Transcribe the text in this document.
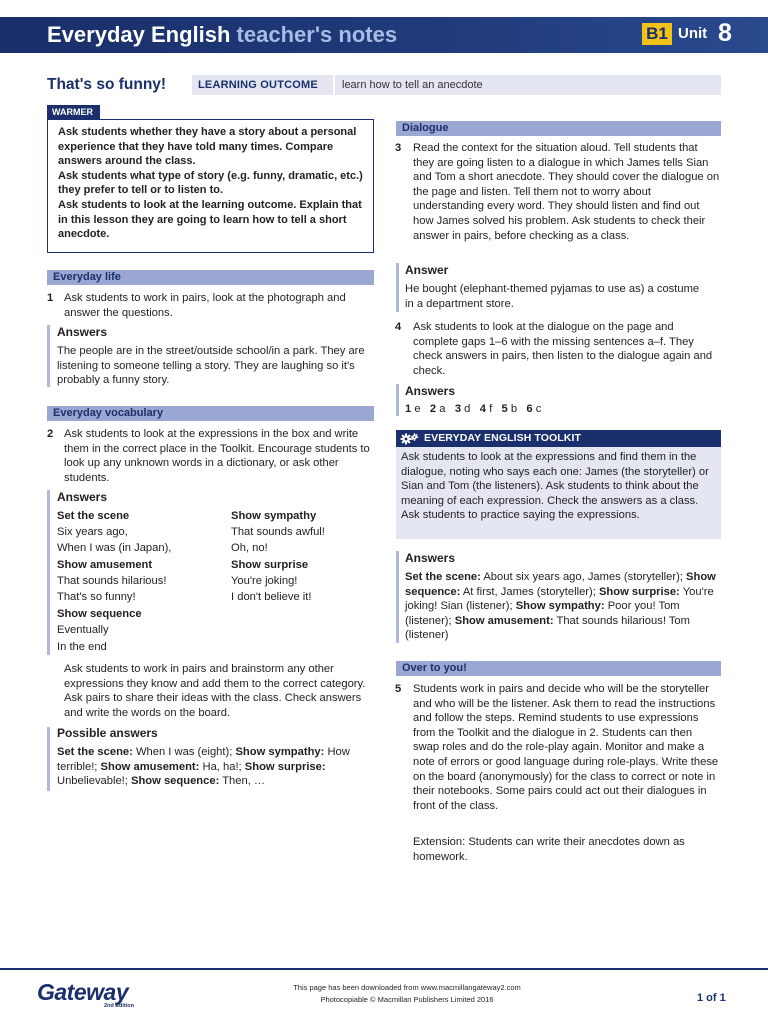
Everyday English teacher's notes	B1 Unit 8
That's so funny!	LEARNING OUTCOME learn how to tell an anecdote
WARMER

Ask students whether they have a story about a personal experience that they have told many times. Compare answers around the class.

Ask students what type of story (e.g. funny, dramatic, etc.) they prefer to tell or to listen to.

Ask students to look at the learning outcome. Explain that in this lesson they are going to learn how to tell a short anecdote.

Everyday life
1 Ask students to work in pairs, look at the photograph and answer the questions.
Answers
The people are in the street/outside school/in a park. They are listening to someone telling a story. They are laughing so it's probably a funny story.
Everyday vocabulary
2 Ask students to look at the expressions in the box and write them in the correct place in the Toolkit. Encourage students to look up any unknown words in a dictionary, or ask other students.
Answers
Set the scene
Six years ago,
When I was (in Japan),
Show amusement
That sounds hilarious!
That's so funny!
Show sequence
Eventually
In the end
Show sympathy
That sounds awful!
Oh, no!
Show surprise
You're joking!
I don't believe it!
Ask students to work in pairs and brainstorm any other expressions they know and add them to the correct category. Ask pairs to share their ideas with the class. Check answers and write the words on the board.
Possible answers
Set the scene: When I was (eight); Show sympathy: How terrible!; Show amusement: Ha, ha!; Show surprise: Unbelievable!; Show sequence: Then, …
Dialogue
3 Read the context for the situation aloud. Tell students that they are going listen to a dialogue in which James tells Sian and Tom a short anecdote. They should cover the dialogue on the page and listen. Tell them not to worry about understanding every word. They should listen and find out how James solved his problem. Ask students to check their answer in pairs, before checking as a class.
Answer
He bought (elephant-themed pyjamas to use as) a costume in a department store.
4 Ask students to look at the dialogue on the page and complete gaps 1–6 with the missing sentences a–f. They check answers in pairs, then listen to the dialogue again and check.
Answers
1 e 2 a 3 d 4 f 5 b 6 c
EVERYDAY ENGLISH TOOLKIT
Ask students to look at the expressions and find them in the dialogue, noting who says each one: James (the storyteller) or Sian and Tom (the listeners). Ask students to think about the meaning of each expression. Check the answers as a class. Ask students to practice saying the expressions.
Answers
Set the scene: About six years ago, James (storyteller); Show sequence: At first, James (storyteller); Show surprise: You're joking! Sian (listener); Show sympathy: Poor you! Tom (listener); Show amusement: That sounds hilarious! Tom (listener)
Over to you!
5 Students work in pairs and decide who will be the storyteller and who will be the listener. Ask them to read the instructions and follow the steps. Remind students to use expressions from the Toolkit and the dialogue in 2. Students can then swap roles and do the role-play again. Monitor and make a note of errors or good language during role-plays. Write these on the board (anonymously) for the class to correct or note in their notebooks. Some pairs could act out their dialogues in front of the class.
Extension: Students can write their anecdotes down as homework.
Gateway
2nd Edition
This page has been downloaded from www.macmillangateway2.com
Photocopiable © Macmillan Publishers Limited 2016	1 of 1
